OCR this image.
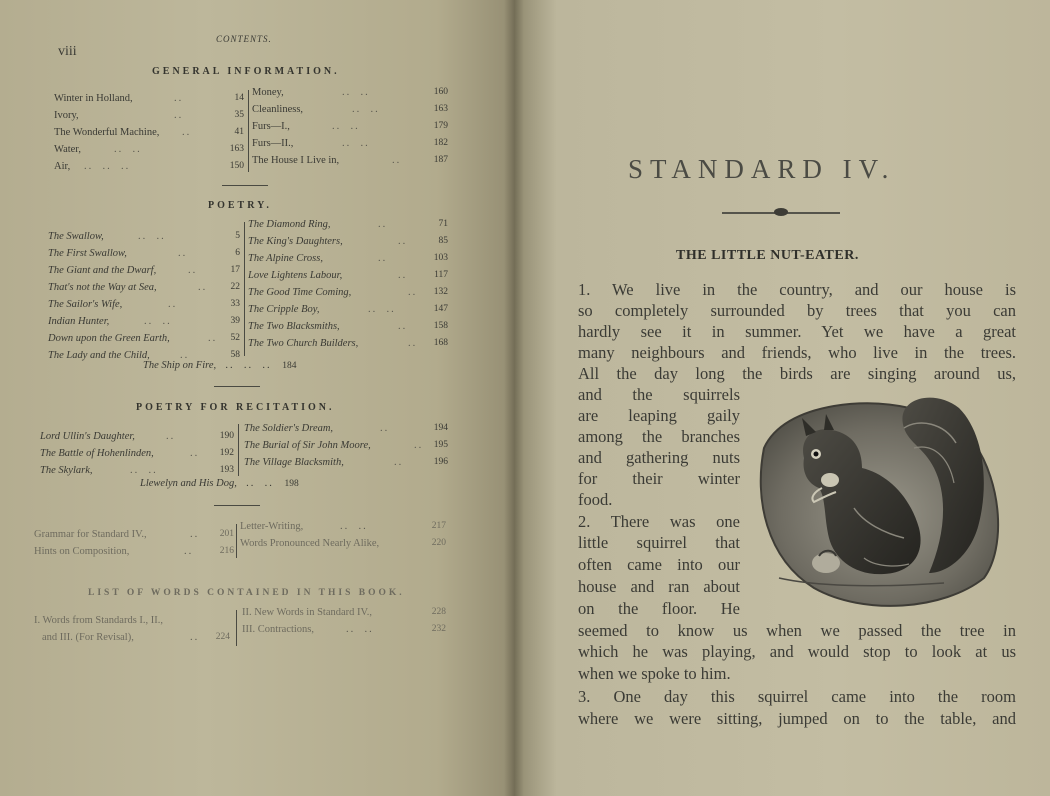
viii
CONTENTS.
GENERAL INFORMATION.
Winter in Holland,	..	14
Ivory,	..	35
The Wonderful Machine, ..	41
Water,	..  ..	163
Air, ..  ..  ..	150
Money,	..  ..	160
Cleanliness,	..  ..	163
Furs—I.,	..  ..	179
Furs—II.,	..  ..	182
The House I Live in,	..	187
POETRY.
The Swallow,	..  ..	5
The First Swallow,	..	6
The Giant and the Dwarf,	..	17
That's not the Way at Sea,	.. 22
The Sailor's Wife,	..	33
Indian Hunter,	..  ..	39
Down upon the Green Earth,	.. 52
The Lady and the Child,	..	58
The Diamond Ring,	..	71
The King's Daughters,	..	85
The Alpine Cross,	..	103
Love Lightens Labour,	..	117
The Good Time Coming,	.. 132
The Cripple Boy,	..  ..	147
The Two Blacksmiths,	..	158
The Two Church Builders,	.. 168
The Ship on Fire,  ..  ..  .. 184
POETRY FOR RECITATION.
Lord Ullin's Daughter,	..	190
The Battle of Hohenlinden,	.. 192
The Skylark,	..  ..	193
The Soldier's Dream,	..	194
The Burial of Sir John Moore,	.. 195
The Village Blacksmith,	..	196
Llewelyn and His Dog,  ..  .. 198
Grammar for Standard IV.,	.. 201
Hints on Composition,	..	216
Letter-Writing,	..  ..	217
Words Pronounced Nearly Alike,	220
LIST OF WORDS CONTAINED IN THIS BOOK.
I. Words from Standards I., II.,
and III. (For Revisal),	.. 224
II. New Words in Standard IV.,	228
III. Contractions,	..  ..	232
STANDARD IV.
THE LITTLE NUT-EATER.
1. We live in the country, and our house is
so completely surrounded by trees that you can
hardly see it in summer. Yet we have a great
many neighbours and friends, who live in the trees.
All the day long the birds are singing around us,
and the squirrels
are leaping gaily
among the branches
and gathering nuts
for their winter
food.
2. There was one
little squirrel that
often came into our
house and ran about
on the floor. He
seemed to know us when we passed the tree in
which he was playing, and would stop to look at us
when we spoke to him.
3. One day this squirrel came into the room
where we were sitting, jumped on to the table, and
